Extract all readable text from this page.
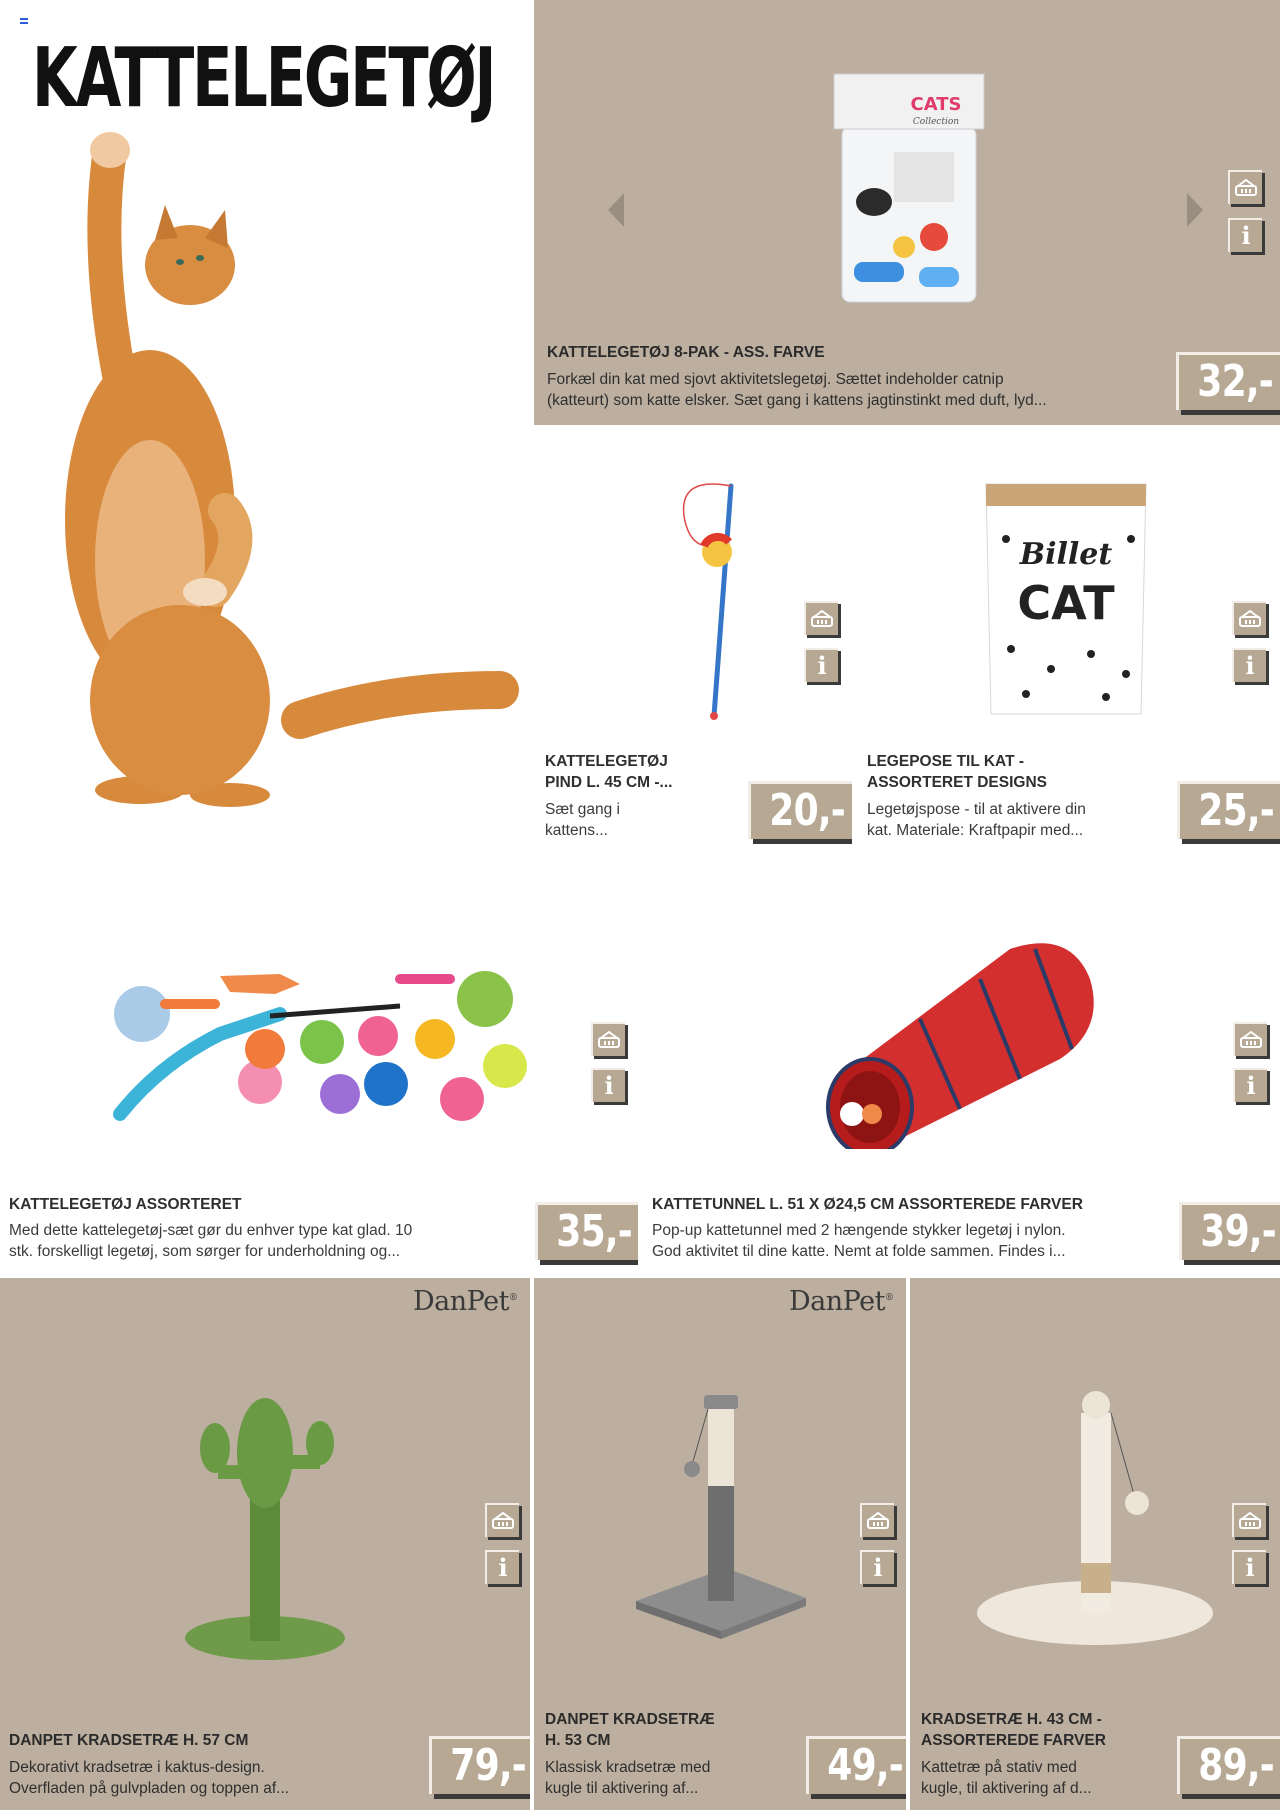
KATTELEGETØJ	CATS
Collection
i
KATTELEGETØJ 8-PAK - ASS. FARVE
Forkæl din kat med sjovt aktivitetslegetøj. Sættet indeholder catnip
(katteurt) som katte elsker. Sæt gang i kattens jagtinstinkt med duft, lyd...	32,-
i
KATTELEGETØJ
PIND L. 45 CM -...
Sæt gang i
kattens...	20,-
Billet
CAT
i
LEGEPOSE TIL KAT -
ASSORTERET DESIGNS
Legetøjspose - til at aktivere din
kat. Materiale: Kraftpapir med...	25,-
i
KATTELEGETØJ ASSORTERET
Med dette kattelegetøj-sæt gør du enhver type kat glad. 10
stk. forskelligt legetøj, som sørger for underholdning og...	35,-
i
KATTETUNNEL L. 51 X Ø24,5 CM ASSORTEREDE FARVER
Pop-up kattetunnel med 2 hængende stykker legetøj i nylon.
God aktivitet til dine katte. Nemt at folde sammen. Findes i...	39,-
DanPet®
i
DANPET KRADSETRÆ H. 57 CM
Dekorativt kradsetræ i kaktus-design.
Overfladen på gulvpladen og toppen af...	79,-
DanPet®
i
DANPET KRADSETRÆ
H. 53 CM
Klassisk kradsetræ med
kugle til aktivering af...	49,-
i
KRADSETRÆ H. 43 CM -
ASSORTEREDE FARVER
Kattetræ på stativ med
kugle, til aktivering af d...	89,-
